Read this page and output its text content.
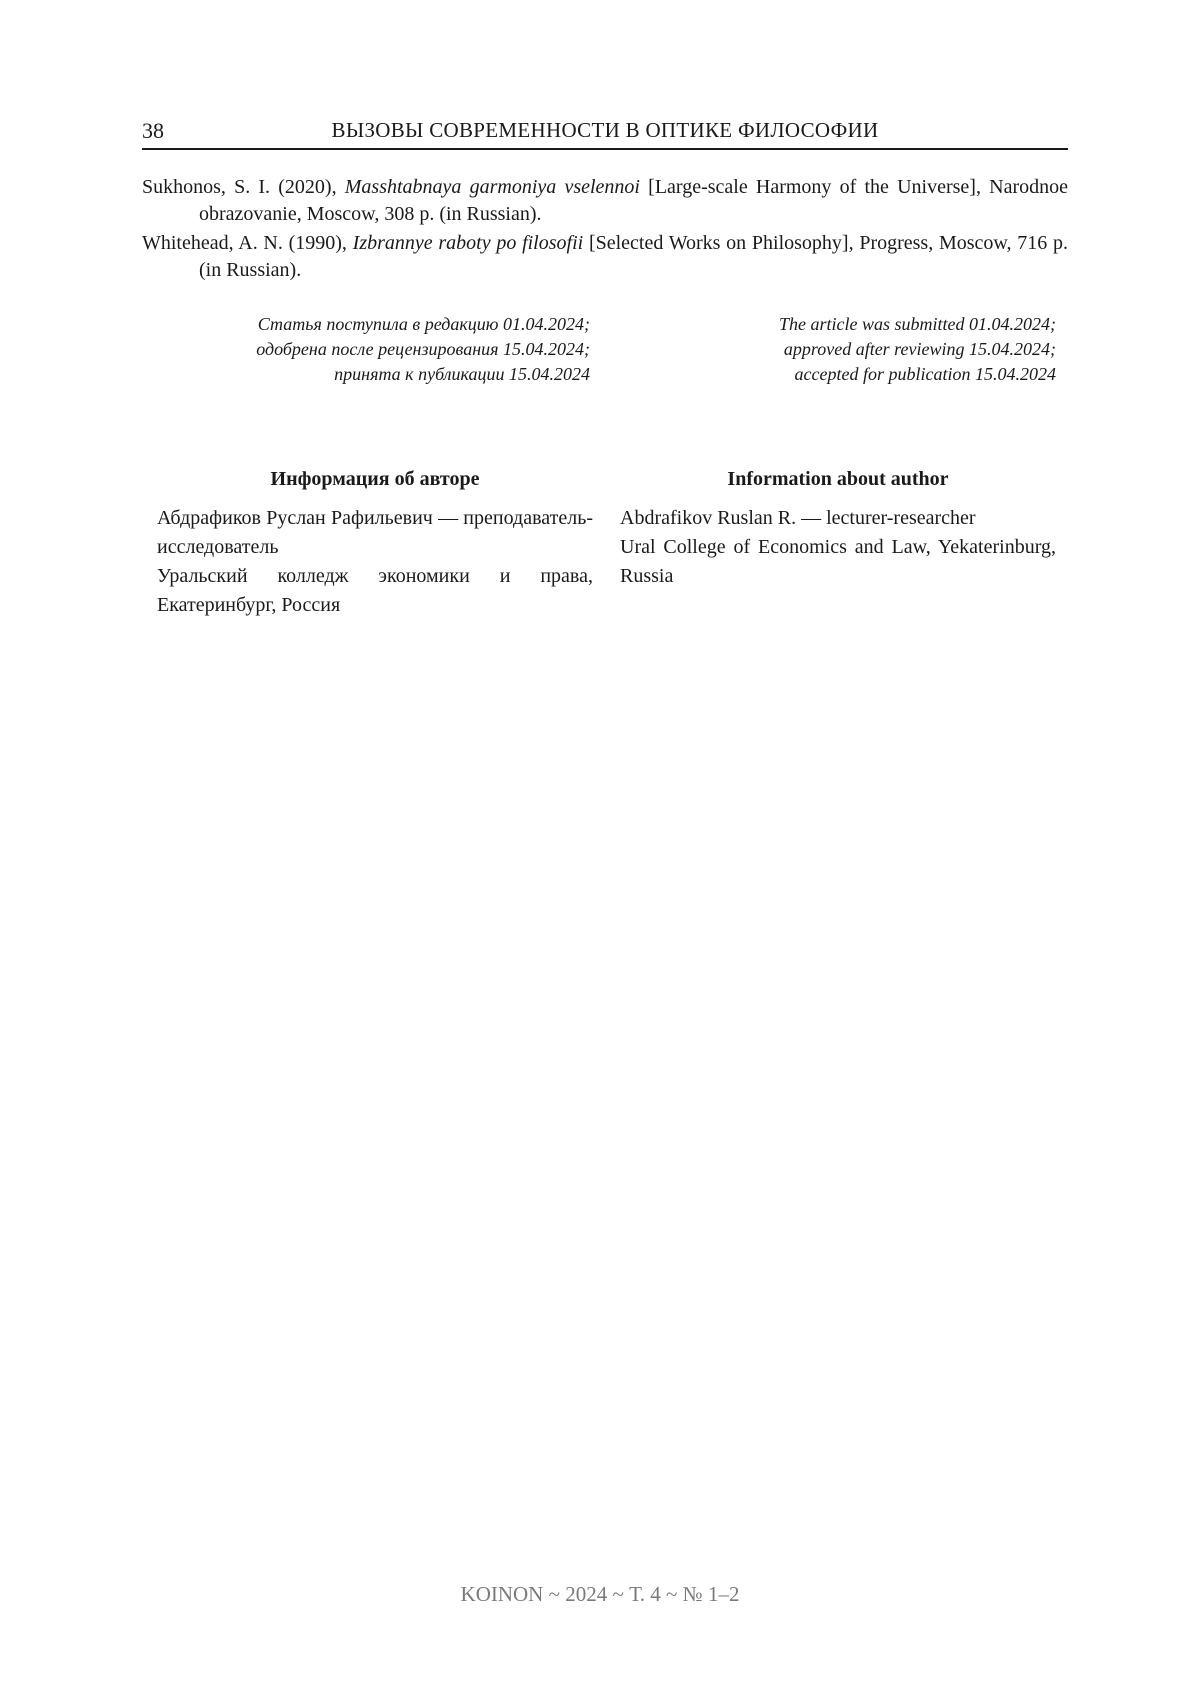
38	ВЫЗОВЫ СОВРЕМЕННОСТИ В ОПТИКЕ ФИЛОСОФИИ

Sukhonos, S. I. (2020), Masshtabnaya garmoniya vselennoi [Large-scale Harmony of the Universe], Narodnoe obrazovanie, Moscow, 308 p. (in Russian).

Whitehead, A. N. (1990), Izbrannye raboty po filosofii [Selected Works on Philosophy], Progress, Moscow, 716 p. (in Russian).

Статья поступила в редакцию 01.04.2024;
одобрена после рецензирования 15.04.2024;
принята к публикации 15.04.2024
The article was submitted 01.04.2024;
approved after reviewing 15.04.2024;
accepted for publication 15.04.2024
Информация об авторе
Абдрафиков Руслан Рафильевич — преподаватель-исследователь
Уральский колледж экономики и права, Екатеринбург, Россия
Information about author
Abdrafikov Ruslan R. — lecturer-researcher
Ural College of Economics and Law, Yekaterinburg, Russia
KOINON ~ 2024 ~ Т. 4 ~ № 1–2
